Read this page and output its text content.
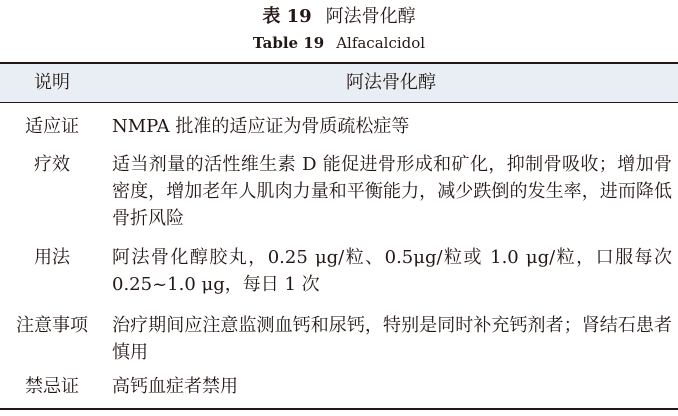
表 19 阿法骨化醇
Table 19 Alfacalcidol
说明	阿法骨化醇
适应证	NMPA 批准的适应证为骨质疏松症等
疗效	适当剂量的活性维生素 D 能促进骨形成和矿化，抑制骨吸收；增加骨密度，增加老年人肌肉力量和平衡能力，减少跌倒的发生率，进而降低骨折风险
用法	阿法骨化醇胶丸，0.25 μg/粒、0.5μg/粒或 1.0 μg/粒，口服每次 0.25~1.0 μg，每日 1 次
注意事项	治疗期间应注意监测血钙和尿钙，特别是同时补充钙剂者；肾结石患者慎用
禁忌证	高钙血症者禁用
